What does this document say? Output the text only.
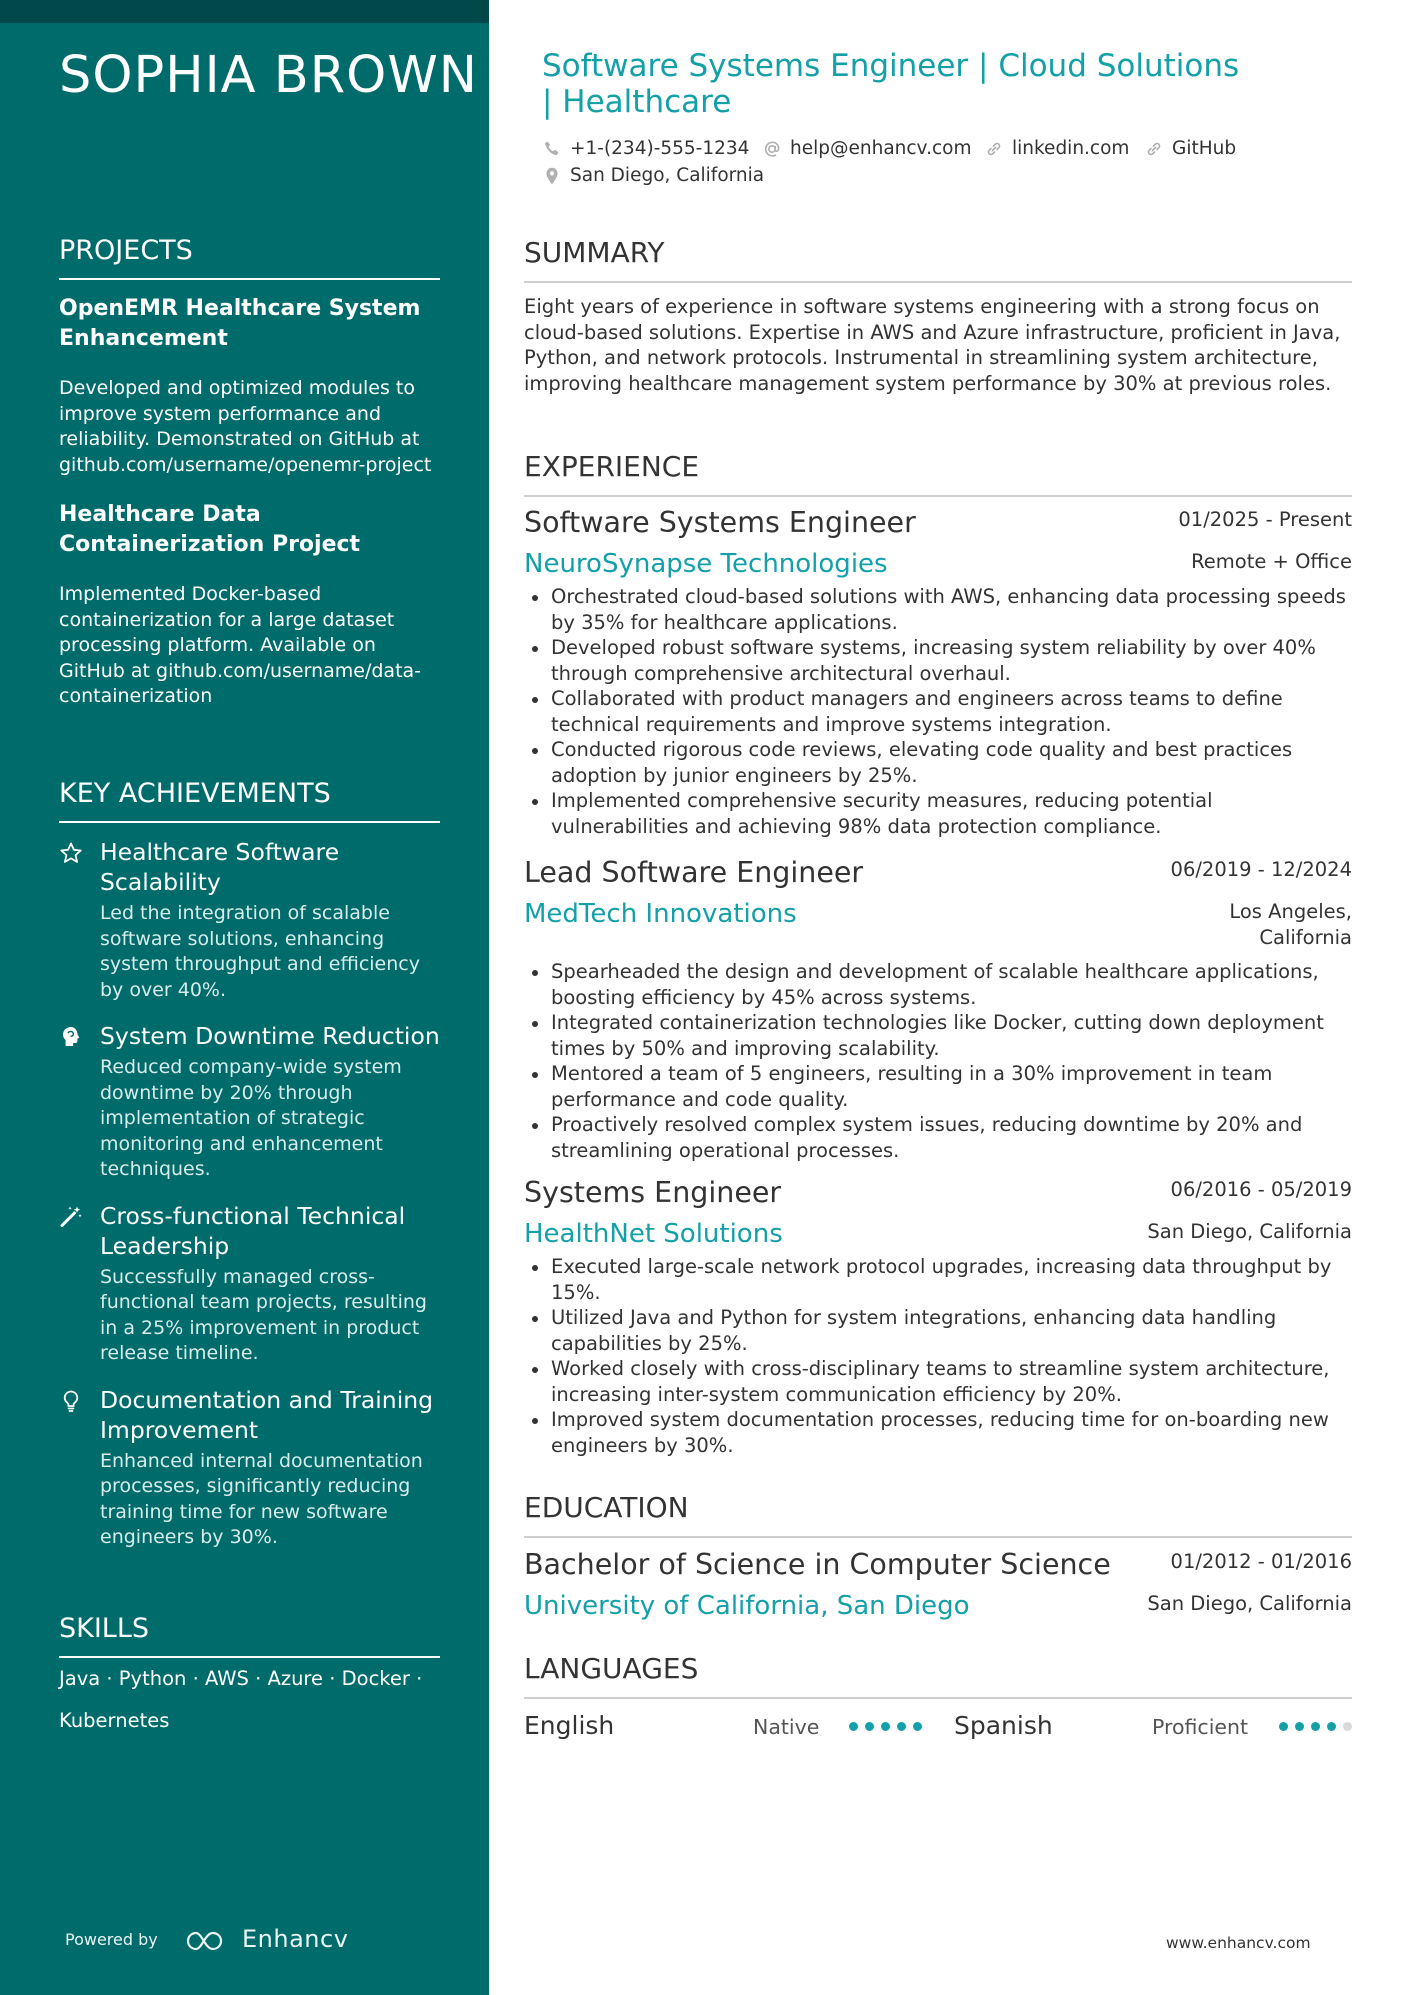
SOPHIA BROWN
PROJECTS
OpenEMR Healthcare System Enhancement
Developed and optimized modules to improve system performance and reliability. Demonstrated on GitHub at github.com/username/openemr-project
Healthcare Data Containerization Project
Implemented Docker-based containerization for a large dataset processing platform. Available on GitHub at github.com/username/data-containerization
KEY ACHIEVEMENTS
Healthcare Software Scalability
Led the integration of scalable software solutions, enhancing system throughput and efficiency by over 40%.
System Downtime Reduction
Reduced company-wide system downtime by 20% through implementation of strategic monitoring and enhancement techniques.
Cross-functional Technical Leadership
Successfully managed cross-functional team projects, resulting in a 25% improvement in product release timeline.
Documentation and Training Improvement
Enhanced internal documentation processes, significantly reducing training time for new software engineers by 30%.
SKILLS
Java · Python · AWS · Azure · Docker ·
Kubernetes
Powered by	Enhancv
Software Systems Engineer | Cloud Solutions | Healthcare
+1-(234)-555-1234 help@enhancv.com linkedin.com GitHub
San Diego, California
SUMMARY
Eight years of experience in software systems engineering with a strong focus on cloud-based solutions. Expertise in AWS and Azure infrastructure, proficient in Java, Python, and network protocols. Instrumental in streamlining system architecture, improving healthcare management system performance by 30% at previous roles.
EXPERIENCE
Software Systems Engineer	01/2025 - Present
NeuroSynapse Technologies	Remote + Office
Orchestrated cloud-based solutions with AWS, enhancing data processing speeds by 35% for healthcare applications.
Developed robust software systems, increasing system reliability by over 40% through comprehensive architectural overhaul.
Collaborated with product managers and engineers across teams to define technical requirements and improve systems integration.
Conducted rigorous code reviews, elevating code quality and best practices adoption by junior engineers by 25%.
Implemented comprehensive security measures, reducing potential vulnerabilities and achieving 98% data protection compliance.
Lead Software Engineer	06/2019 - 12/2024
MedTech Innovations	Los Angeles,
California
Spearheaded the design and development of scalable healthcare applications, boosting efficiency by 45% across systems.
Integrated containerization technologies like Docker, cutting down deployment times by 50% and improving scalability.
Mentored a team of 5 engineers, resulting in a 30% improvement in team performance and code quality.
Proactively resolved complex system issues, reducing downtime by 20% and streamlining operational processes.
Systems Engineer	06/2016 - 05/2019
HealthNet Solutions	San Diego, California
Executed large-scale network protocol upgrades, increasing data throughput by 15%.
Utilized Java and Python for system integrations, enhancing data handling capabilities by 25%.
Worked closely with cross-disciplinary teams to streamline system architecture, increasing inter-system communication efficiency by 20%.
Improved system documentation processes, reducing time for on-boarding new engineers by 30%.
EDUCATION
Bachelor of Science in Computer Science	01/2012 - 01/2016
University of California, San Diego	San Diego, California
LANGUAGES
English	Native	Spanish	Proficient
www.enhancv.com
